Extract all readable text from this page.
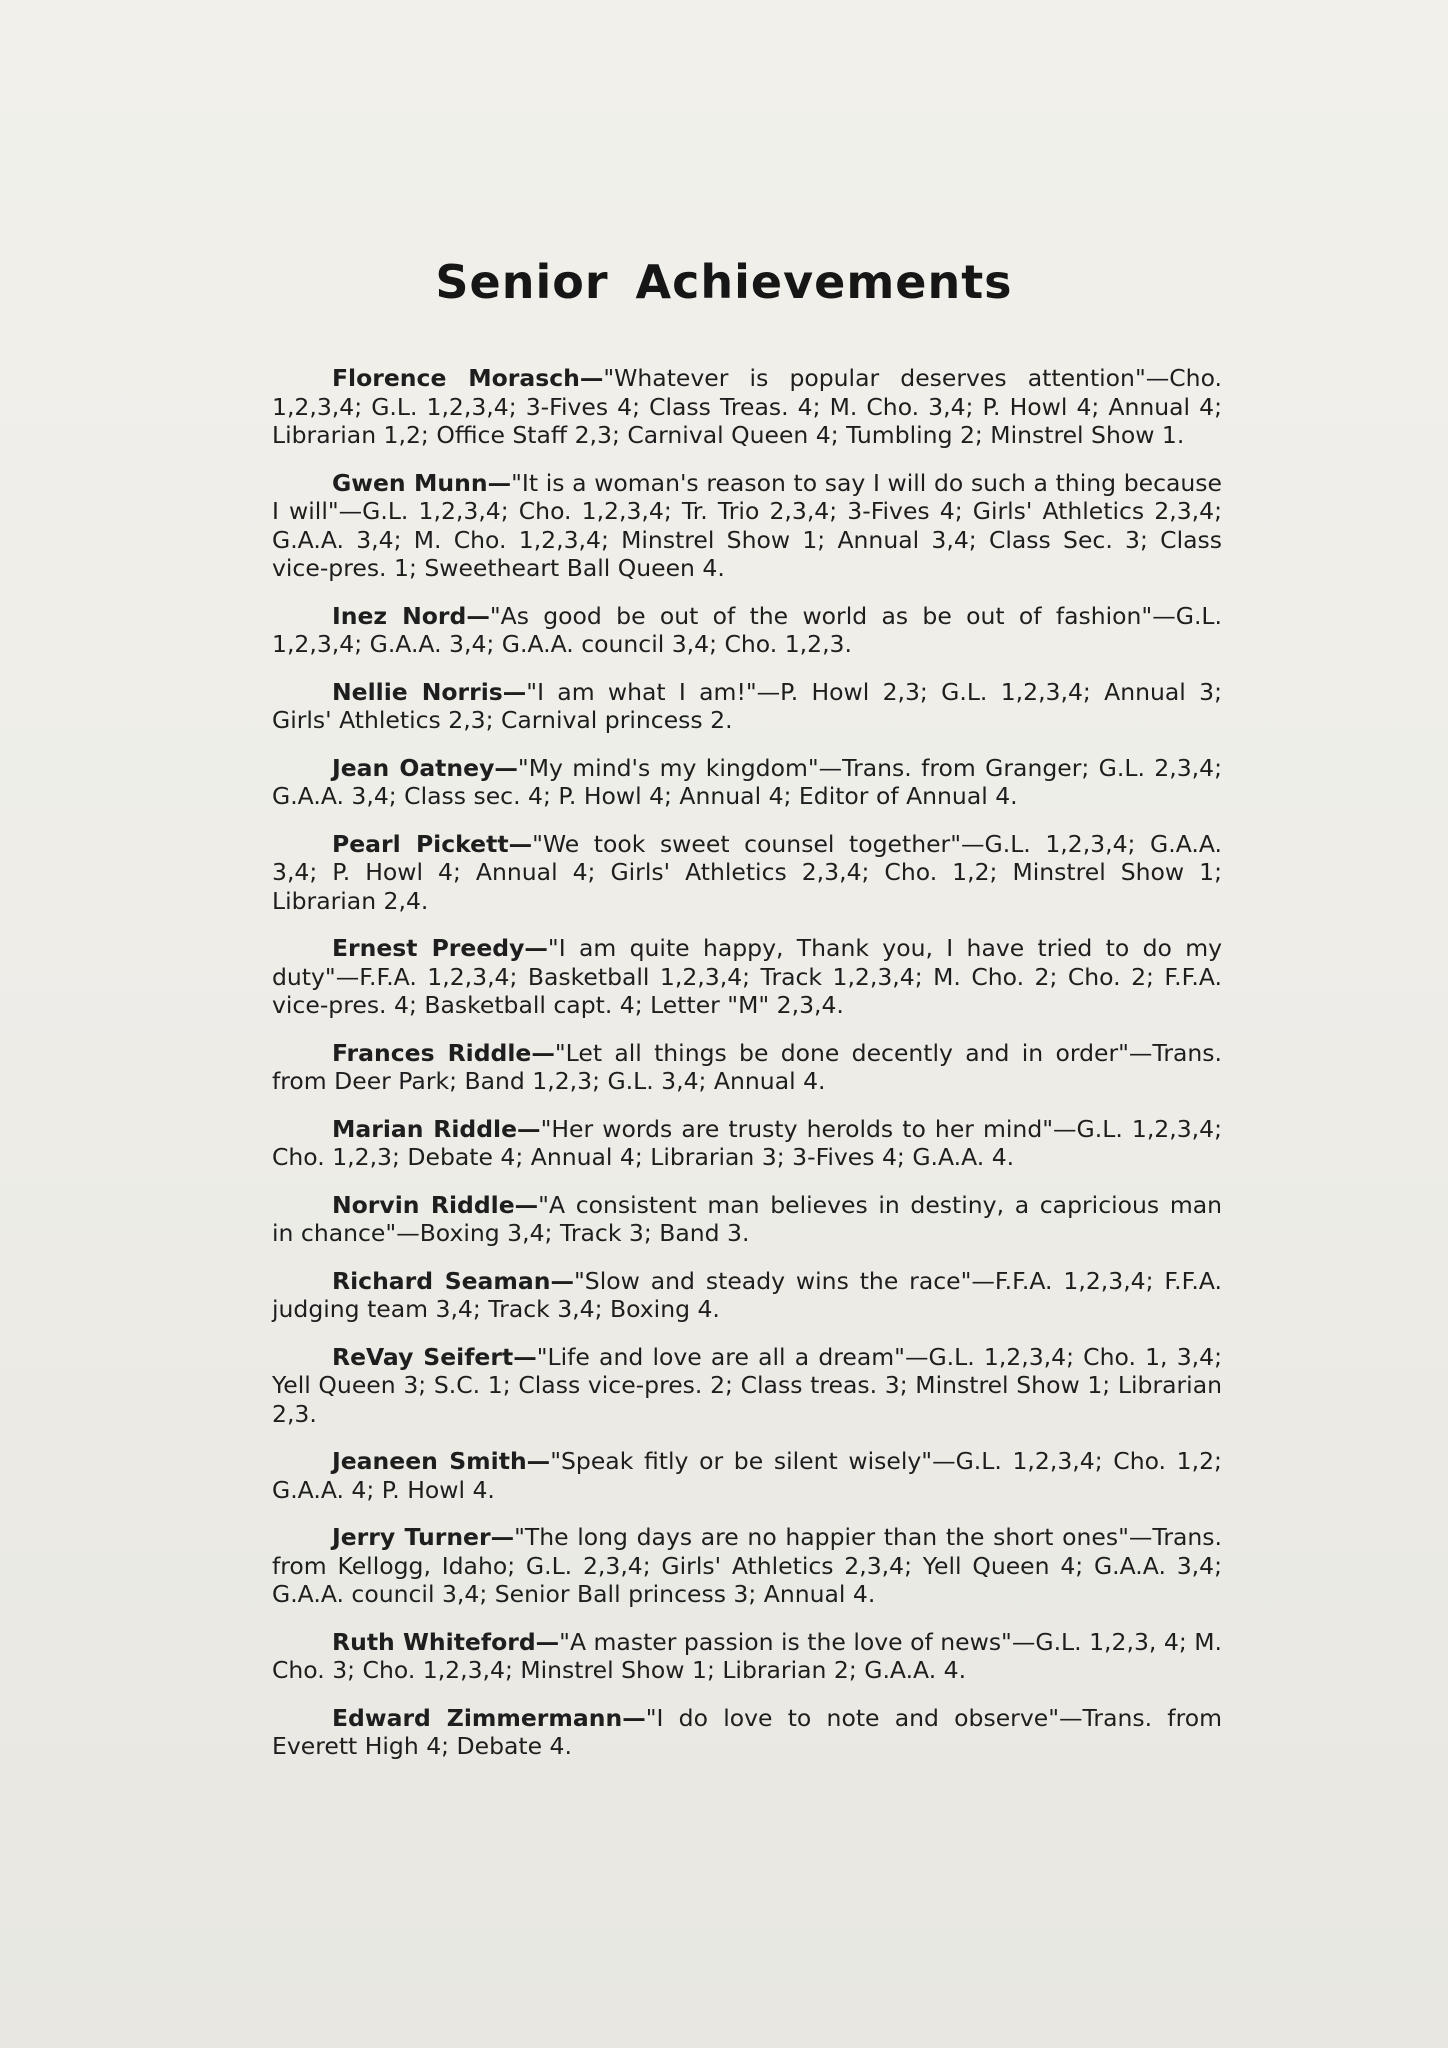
Senior Achievements

Florence Morasch—"Whatever is popular deserves attention"—Cho. 1,2,3,4; G.L. 1,2,3,4; 3-Fives 4; Class Treas. 4; M. Cho. 3,4; P. Howl 4; Annual 4; Librarian 1,2; Office Staff 2,3; Carnival Queen 4; Tumbling 2; Minstrel Show 1.

Gwen Munn—"It is a woman's reason to say I will do such a thing because I will"—G.L. 1,2,3,4; Cho. 1,2,3,4; Tr. Trio 2,3,4; 3-Fives 4; Girls' Athletics 2,3,4; G.A.A. 3,4; M. Cho. 1,2,3,4; Minstrel Show 1; Annual 3,4; Class Sec. 3; Class vice-pres. 1; Sweetheart Ball Queen 4.

Inez Nord—"As good be out of the world as be out of fashion"—G.L. 1,2,3,4; G.A.A. 3,4; G.A.A. council 3,4; Cho. 1,2,3.

Nellie Norris—"I am what I am!"—P. Howl 2,3; G.L. 1,2,3,4; Annual 3; Girls' Athletics 2,3; Carnival princess 2.

Jean Oatney—"My mind's my kingdom"—Trans. from Granger; G.L. 2,3,4; G.A.A. 3,4; Class sec. 4; P. Howl 4; Annual 4; Editor of Annual 4.

Pearl Pickett—"We took sweet counsel together"—G.L. 1,2,3,4; G.A.A. 3,4; P. Howl 4; Annual 4; Girls' Athletics 2,3,4; Cho. 1,2; Minstrel Show 1; Librarian 2,4.

Ernest Preedy—"I am quite happy, Thank you, I have tried to do my duty"—F.F.A. 1,2,3,4; Basketball 1,2,3,4; Track 1,2,3,4; M. Cho. 2; Cho. 2; F.F.A. vice-pres. 4; Basketball capt. 4; Letter "M" 2,3,4.

Frances Riddle—"Let all things be done decently and in order"—Trans. from Deer Park; Band 1,2,3; G.L. 3,4; Annual 4.

Marian Riddle—"Her words are trusty herolds to her mind"—G.L. 1,2,3,4; Cho. 1,2,3; Debate 4; Annual 4; Librarian 3; 3-Fives 4; G.A.A. 4.

Norvin Riddle—"A consistent man believes in destiny, a capricious man in chance"—Boxing 3,4; Track 3; Band 3.

Richard Seaman—"Slow and steady wins the race"—F.F.A. 1,2,3,4; F.F.A. judging team 3,4; Track 3,4; Boxing 4.

ReVay Seifert—"Life and love are all a dream"—G.L. 1,2,3,4; Cho. 1, 3,4; Yell Queen 3; S.C. 1; Class vice-pres. 2; Class treas. 3; Minstrel Show 1; Librarian 2,3.

Jeaneen Smith—"Speak fitly or be silent wisely"—G.L. 1,2,3,4; Cho. 1,2; G.A.A. 4; P. Howl 4.

Jerry Turner—"The long days are no happier than the short ones"—Trans. from Kellogg, Idaho; G.L. 2,3,4; Girls' Athletics 2,3,4; Yell Queen 4; G.A.A. 3,4; G.A.A. council 3,4; Senior Ball princess 3; Annual 4.

Ruth Whiteford—"A master passion is the love of news"—G.L. 1,2,3, 4; M. Cho. 3; Cho. 1,2,3,4; Minstrel Show 1; Librarian 2; G.A.A. 4.

Edward Zimmermann—"I do love to note and observe"—Trans. from Everett High 4; Debate 4.
